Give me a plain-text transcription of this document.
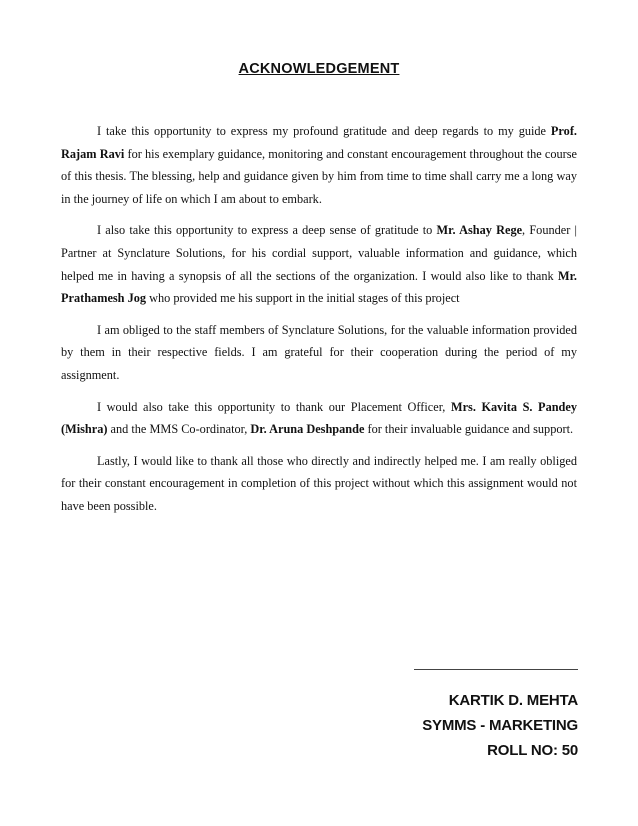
ACKNOWLEDGEMENT

I take this opportunity to express my profound gratitude and deep regards to my guide Prof. Rajam Ravi for his exemplary guidance, monitoring and constant encouragement throughout the course of this thesis. The blessing, help and guidance given by him from time to time shall carry me a long way in the journey of life on which I am about to embark.

I also take this opportunity to express a deep sense of gratitude to Mr. Ashay Rege, Founder | Partner at Synclature Solutions, for his cordial support, valuable information and guidance, which helped me in having a synopsis of all the sections of the organization. I would also like to thank Mr. Prathamesh Jog who provided me his support in the initial stages of this project

I am obliged to the staff members of Synclature Solutions, for the valuable information provided by them in their respective fields. I am grateful for their cooperation during the period of my assignment.

I would also take this opportunity to thank our Placement Officer, Mrs. Kavita S. Pandey (Mishra) and the MMS Co-ordinator, Dr. Aruna Deshpande for their invaluable guidance and support.

Lastly, I would like to thank all those who directly and indirectly helped me. I am really obliged for their constant encouragement in completion of this project without which this assignment would not have been possible.

KARTIK D. MEHTA
SYMMS - MARKETING
ROLL NO: 50
